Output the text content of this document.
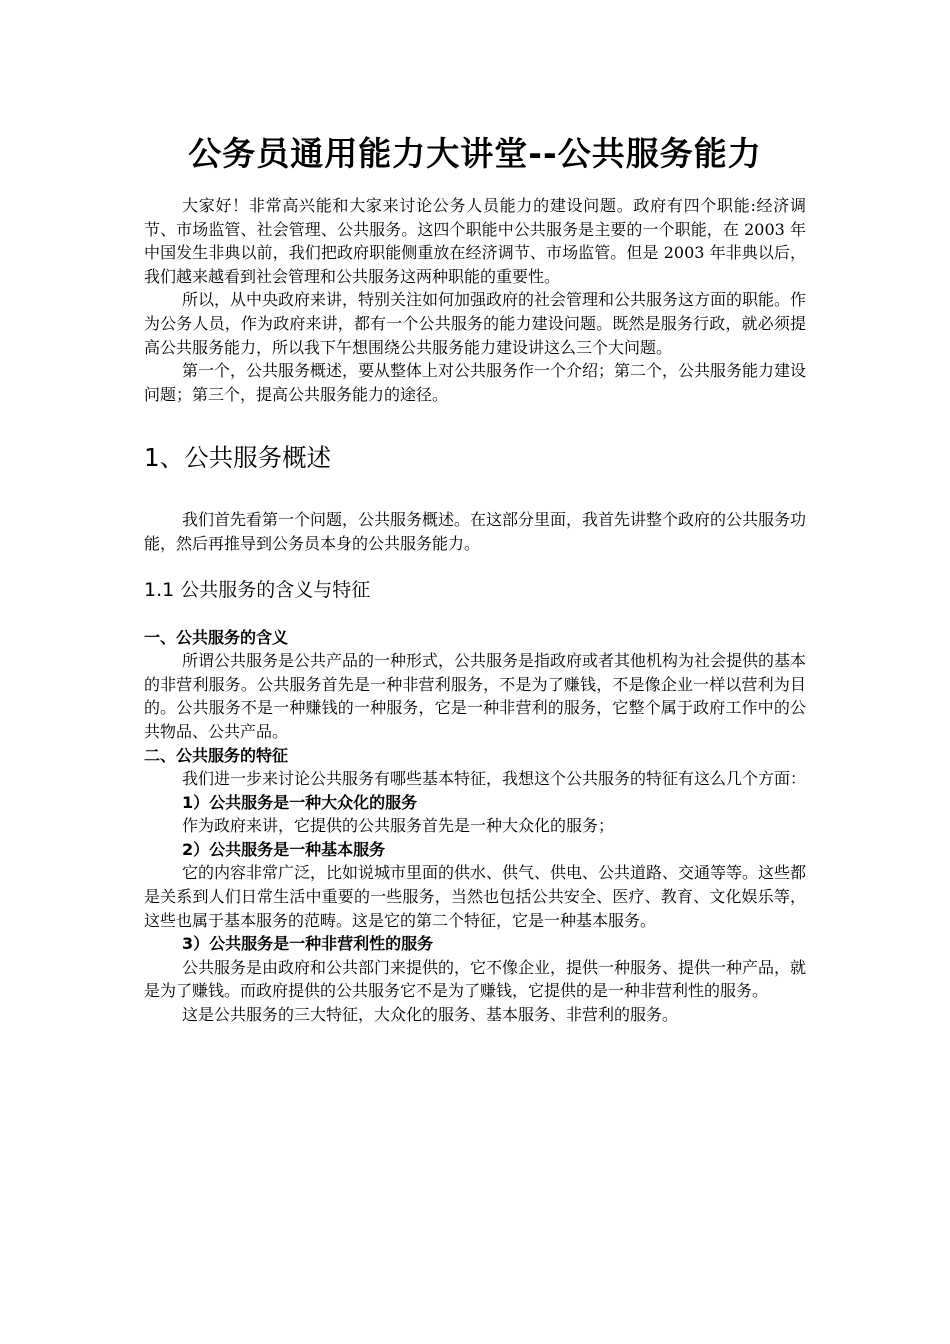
公务员通用能力大讲堂--公共服务能力

大家好！非常高兴能和大家来讨论公务人员能力的建设问题。政府有四个职能:经济调节、市场监管、社会管理、公共服务。这四个职能中公共服务是主要的一个职能，在 2003 年中国发生非典以前，我们把政府职能侧重放在经济调节、市场监管。但是 2003 年非典以后，我们越来越看到社会管理和公共服务这两种职能的重要性。

所以，从中央政府来讲，特别关注如何加强政府的社会管理和公共服务这方面的职能。作为公务人员，作为政府来讲，都有一个公共服务的能力建设问题。既然是服务行政，就必须提高公共服务能力，所以我下午想围绕公共服务能力建设讲这么三个大问题。

第一个，公共服务概述，要从整体上对公共服务作一个介绍；第二个，公共服务能力建设问题；第三个，提高公共服务能力的途径。

1、公共服务概述

我们首先看第一个问题，公共服务概述。在这部分里面，我首先讲整个政府的公共服务功能，然后再推导到公务员本身的公共服务能力。

1.1 公共服务的含义与特征
一、公共服务的含义

所谓公共服务是公共产品的一种形式，公共服务是指政府或者其他机构为社会提供的基本的非营利服务。公共服务首先是一种非营利服务，不是为了赚钱，不是像企业一样以营利为目的。公共服务不是一种赚钱的一种服务，它是一种非营利的服务，它整个属于政府工作中的公共物品、公共产品。

二、公共服务的特征

我们进一步来讨论公共服务有哪些基本特征，我想这个公共服务的特征有这么几个方面：

1）公共服务是一种大众化的服务

作为政府来讲，它提供的公共服务首先是一种大众化的服务；

2）公共服务是一种基本服务

它的内容非常广泛，比如说城市里面的供水、供气、供电、公共道路、交通等等。这些都是关系到人们日常生活中重要的一些服务，当然也包括公共安全、医疗、教育、文化娱乐等，这些也属于基本服务的范畴。这是它的第二个特征，它是一种基本服务。

3）公共服务是一种非营利性的服务

公共服务是由政府和公共部门来提供的，它不像企业，提供一种服务、提供一种产品，就是为了赚钱。而政府提供的公共服务它不是为了赚钱，它提供的是一种非营利性的服务。

这是公共服务的三大特征，大众化的服务、基本服务、非营利的服务。
